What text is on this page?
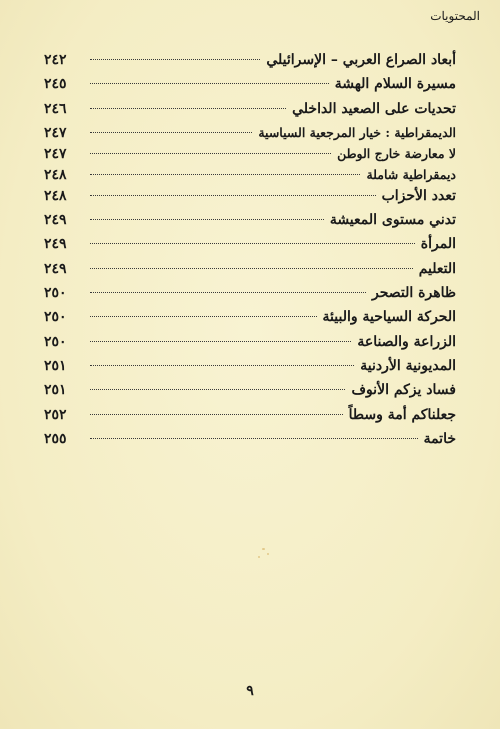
المحتويات
أبعاد الصراع العربي – الإسرائيلي
٢٤٢
مسيرة السلام الهشة
٢٤٥
تحديات على الصعيد الداخلي
٢٤٦
الديمقراطية : خيار المرجعية السياسية
٢٤٧
لا معارضة خارج الوطن
٢٤٧
ديمقراطية شاملة
٢٤٨
تعدد الأحزاب
٢٤٨
تدني مستوى المعيشة
٢٤٩
المرأة
٢٤٩
التعليم
٢٤٩
ظاهرة التصحر
٢٥٠
الحركة السياحية والبيئة
٢٥٠
الزراعة والصناعة
٢٥٠
المديونية الأردنية
٢٥١
فساد يزكم الأنوف
٢٥١
جعلناكم أمة وسطاً
٢٥٢
خاتمة
٢٥٥
٩
